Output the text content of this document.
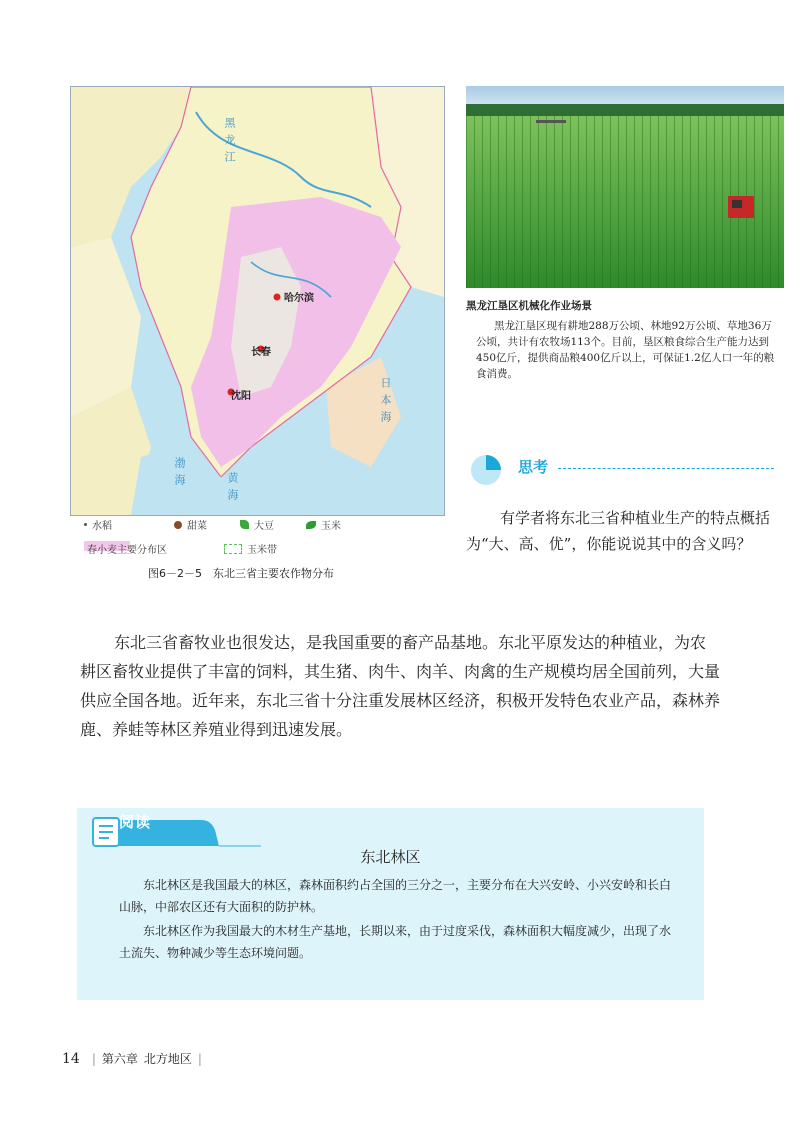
哈尔滨
长春
沈阳
渤海	黄海
日本海
黑龙江
水稻	甜菜	大豆	玉米
春小麦主要分布区	玉米带
图6－2－5　东北三省主要农作物分布
黑龙江垦区机械化作业场景
黑龙江垦区现有耕地288万公顷、林地92万公顷、草地36万公顷，共计有农牧场113个。目前，垦区粮食综合生产能力达到450亿斤，提供商品粮400亿斤以上，可保证1.2亿人口一年的粮食消费。
思考
有学者将东北三省种植业生产的特点概括为“大、高、优”，你能说说其中的含义吗？
东北三省畜牧业也很发达，是我国重要的畜产品基地。东北平原发达的种植业，为农耕区畜牧业提供了丰富的饲料，其生猪、肉牛、肉羊、肉禽的生产规模均居全国前列，大量供应全国各地。近年来，东北三省十分注重发展林区经济，积极开发特色农业产品，森林养鹿、养蛙等林区养殖业得到迅速发展。
阅读
东北林区
东北林区是我国最大的林区，森林面积约占全国的三分之一，主要分布在大兴安岭、小兴安岭和长白山脉，中部农区还有大面积的防护林。
东北林区作为我国最大的木材生产基地，长期以来，由于过度采伐，森林面积大幅度减少，出现了水土流失、物种减少等生态环境问题。
14 | 第六章 北方地区 |
